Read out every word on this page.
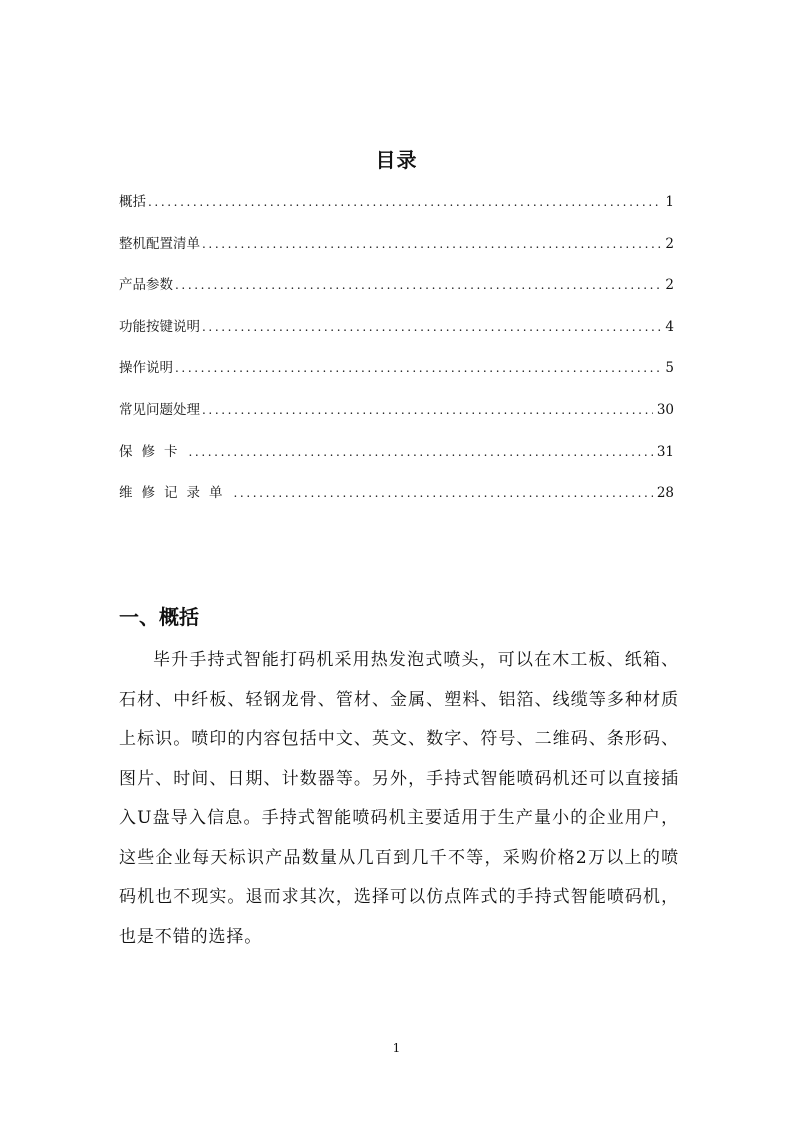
目录
概括 .....	1
整机配置清单 .....	2
产品参数 .....	2
功能按键说明 .....	4
操作说明 .....	5
常见问题处理 .....	30
保修卡 .....	31
维修记录单 .....	28
一、概括

毕升手持式智能打码机采用热发泡式喷头，可以在木工板、纸箱、石材、中纤板、轻钢龙骨、管材、金属、塑料、铝箔、线缆等多种材质上标识。喷印的内容包括中文、英文、数字、符号、二维码、条形码、图片、时间、日期、计数器等。另外，手持式智能喷码机还可以直接插入U盘导入信息。手持式智能喷码机主要适用于生产量小的企业用户，这些企业每天标识产品数量从几百到几千不等，采购价格2万以上的喷码机也不现实。退而求其次，选择可以仿点阵式的手持式智能喷码机，也是不错的选择。

1
